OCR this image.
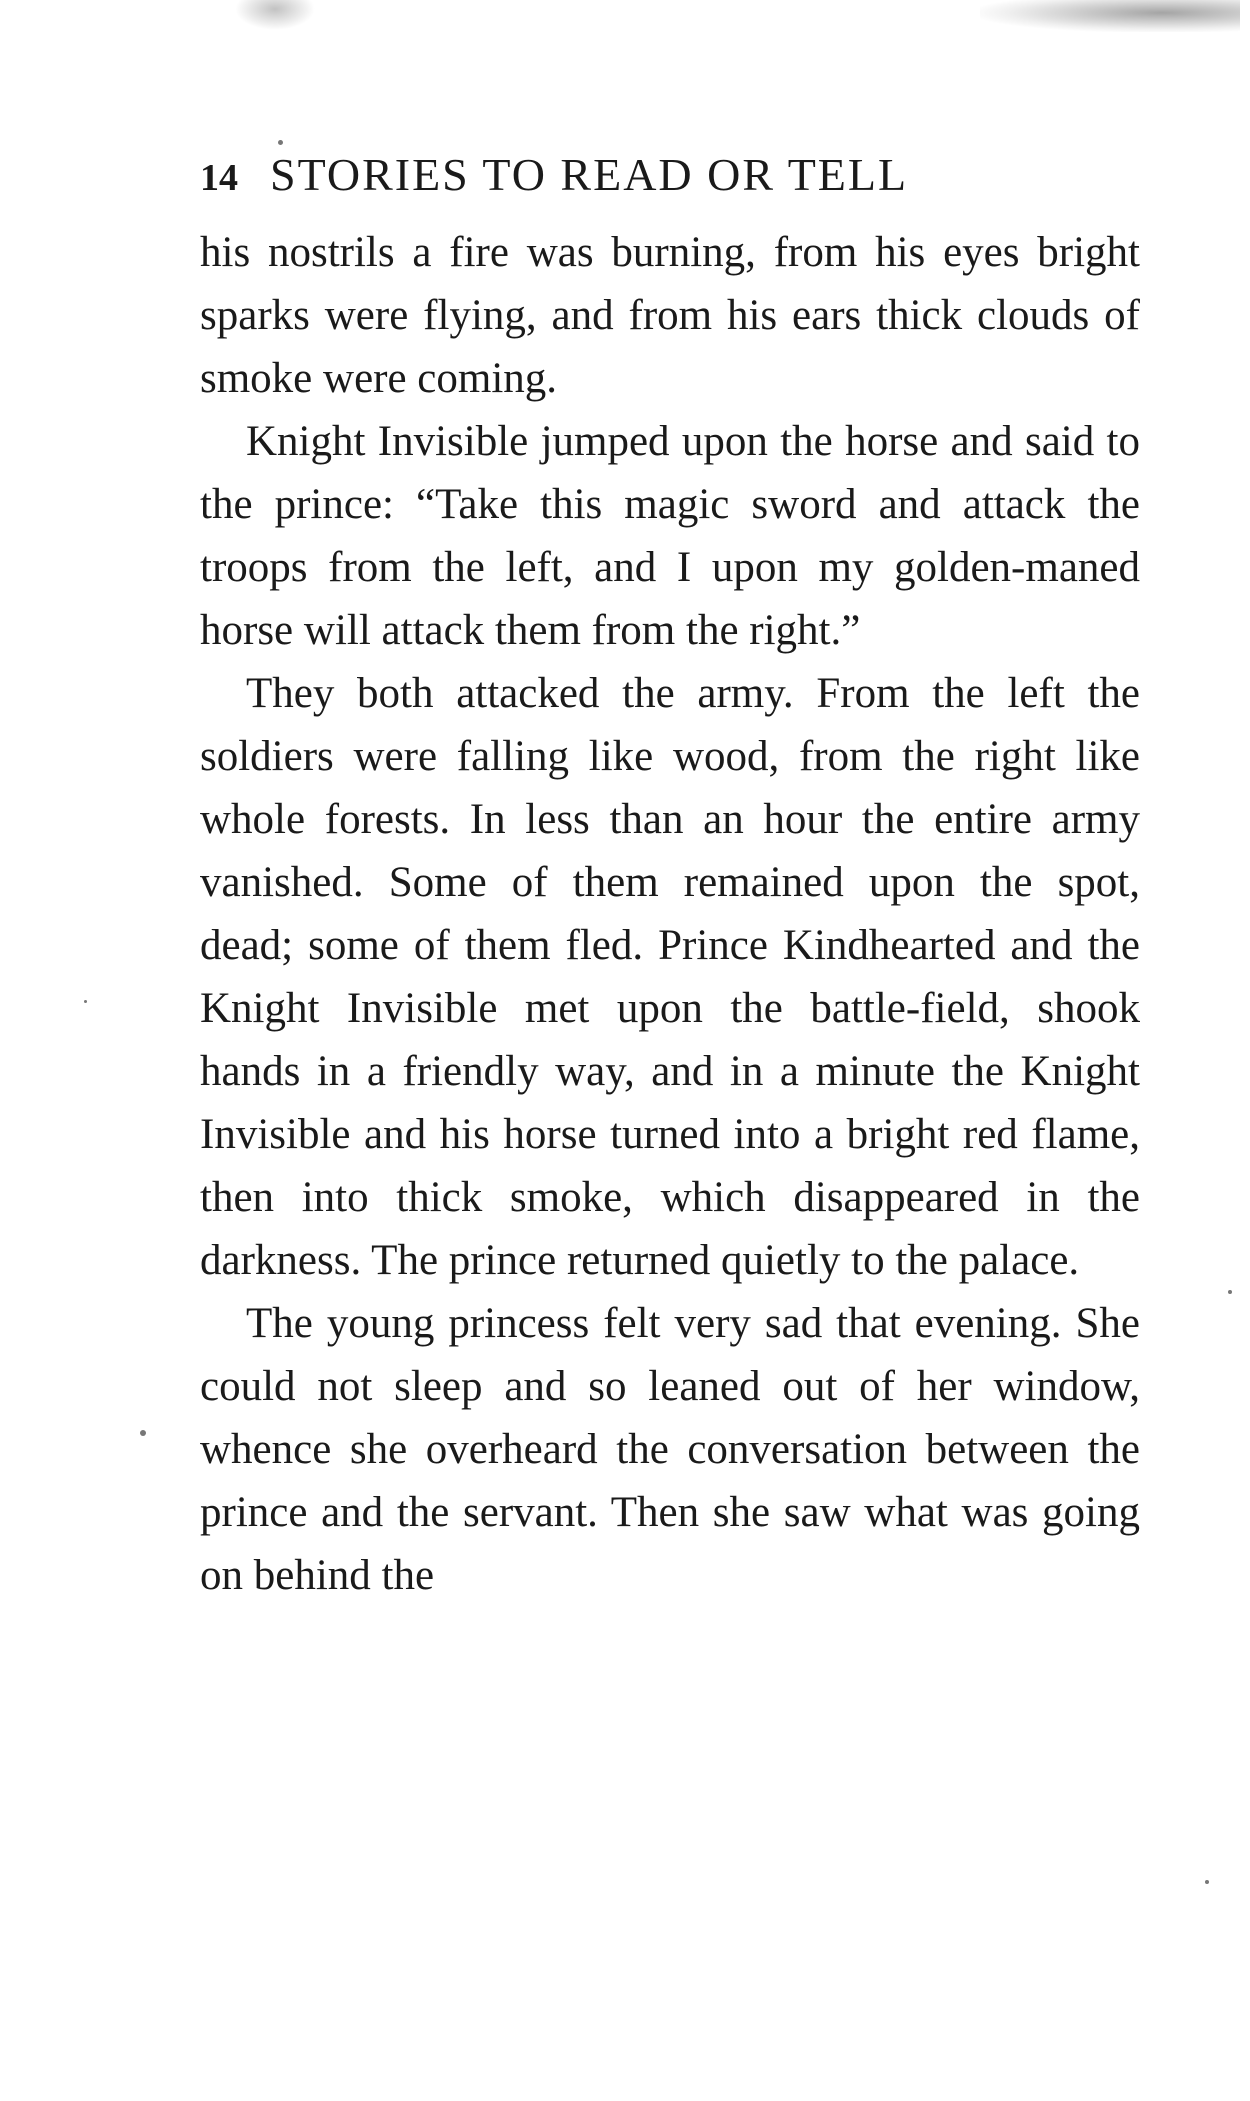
14 STORIES TO READ OR TELL

his nostrils a fire was burning, from his eyes bright sparks were flying, and from his ears thick clouds of smoke were coming.

Knight Invisible jumped upon the horse and said to the prince: “Take this magic sword and attack the troops from the left, and I upon my golden-maned horse will attack them from the right.”

They both attacked the army. From the left the soldiers were falling like wood, from the right like whole forests. In less than an hour the entire army vanished. Some of them remained upon the spot, dead; some of them fled. Prince Kindhearted and the Knight Invisible met upon the battle-field, shook hands in a friendly way, and in a minute the Knight Invisible and his horse turned into a bright red flame, then into thick smoke, which disappeared in the darkness. The prince returned quietly to the palace.

The young princess felt very sad that evening. She could not sleep and so leaned out of her window, whence she overheard the conversation between the prince and the servant. Then she saw what was going on behind the
